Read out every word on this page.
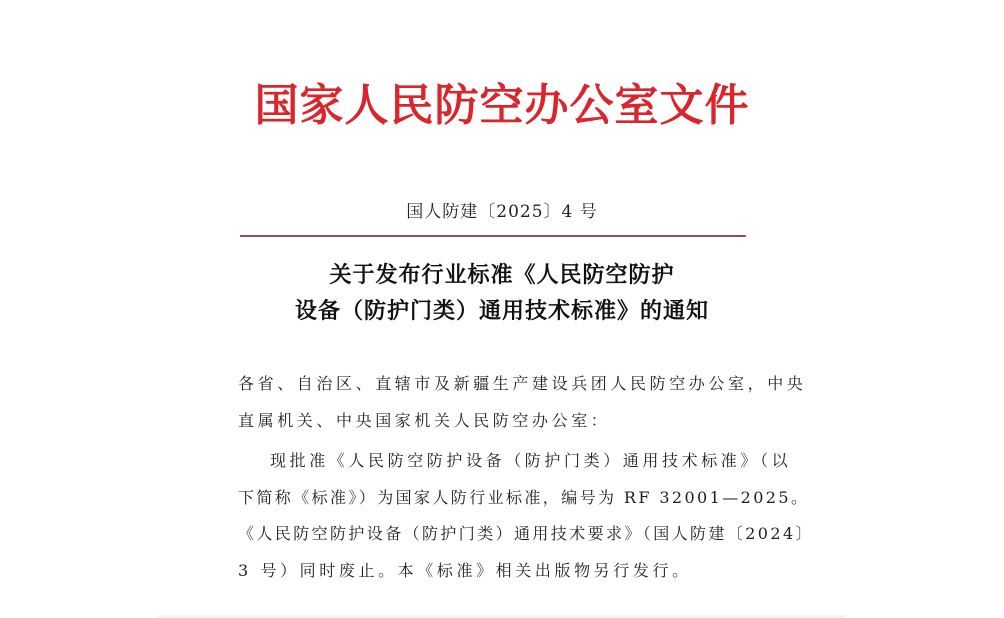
国家人民防空办公室文件
国人防建〔2025〕4 号
关于发布行业标准《人民防空防护
设备（防护门类）通用技术标准》的通知
各省、自治区、直辖市及新疆生产建设兵团人民防空办公室，中央
直属机关、中央国家机关人民防空办公室：
现批准《人民防空防护设备（防护门类）通用技术标准》（以
下简称《标准》）为国家人防行业标准，编号为 RF 32001—2025。
《人民防空防护设备（防护门类）通用技术要求》（国人防建〔2024〕
3 号）同时废止。本《标准》相关出版物另行发行。
